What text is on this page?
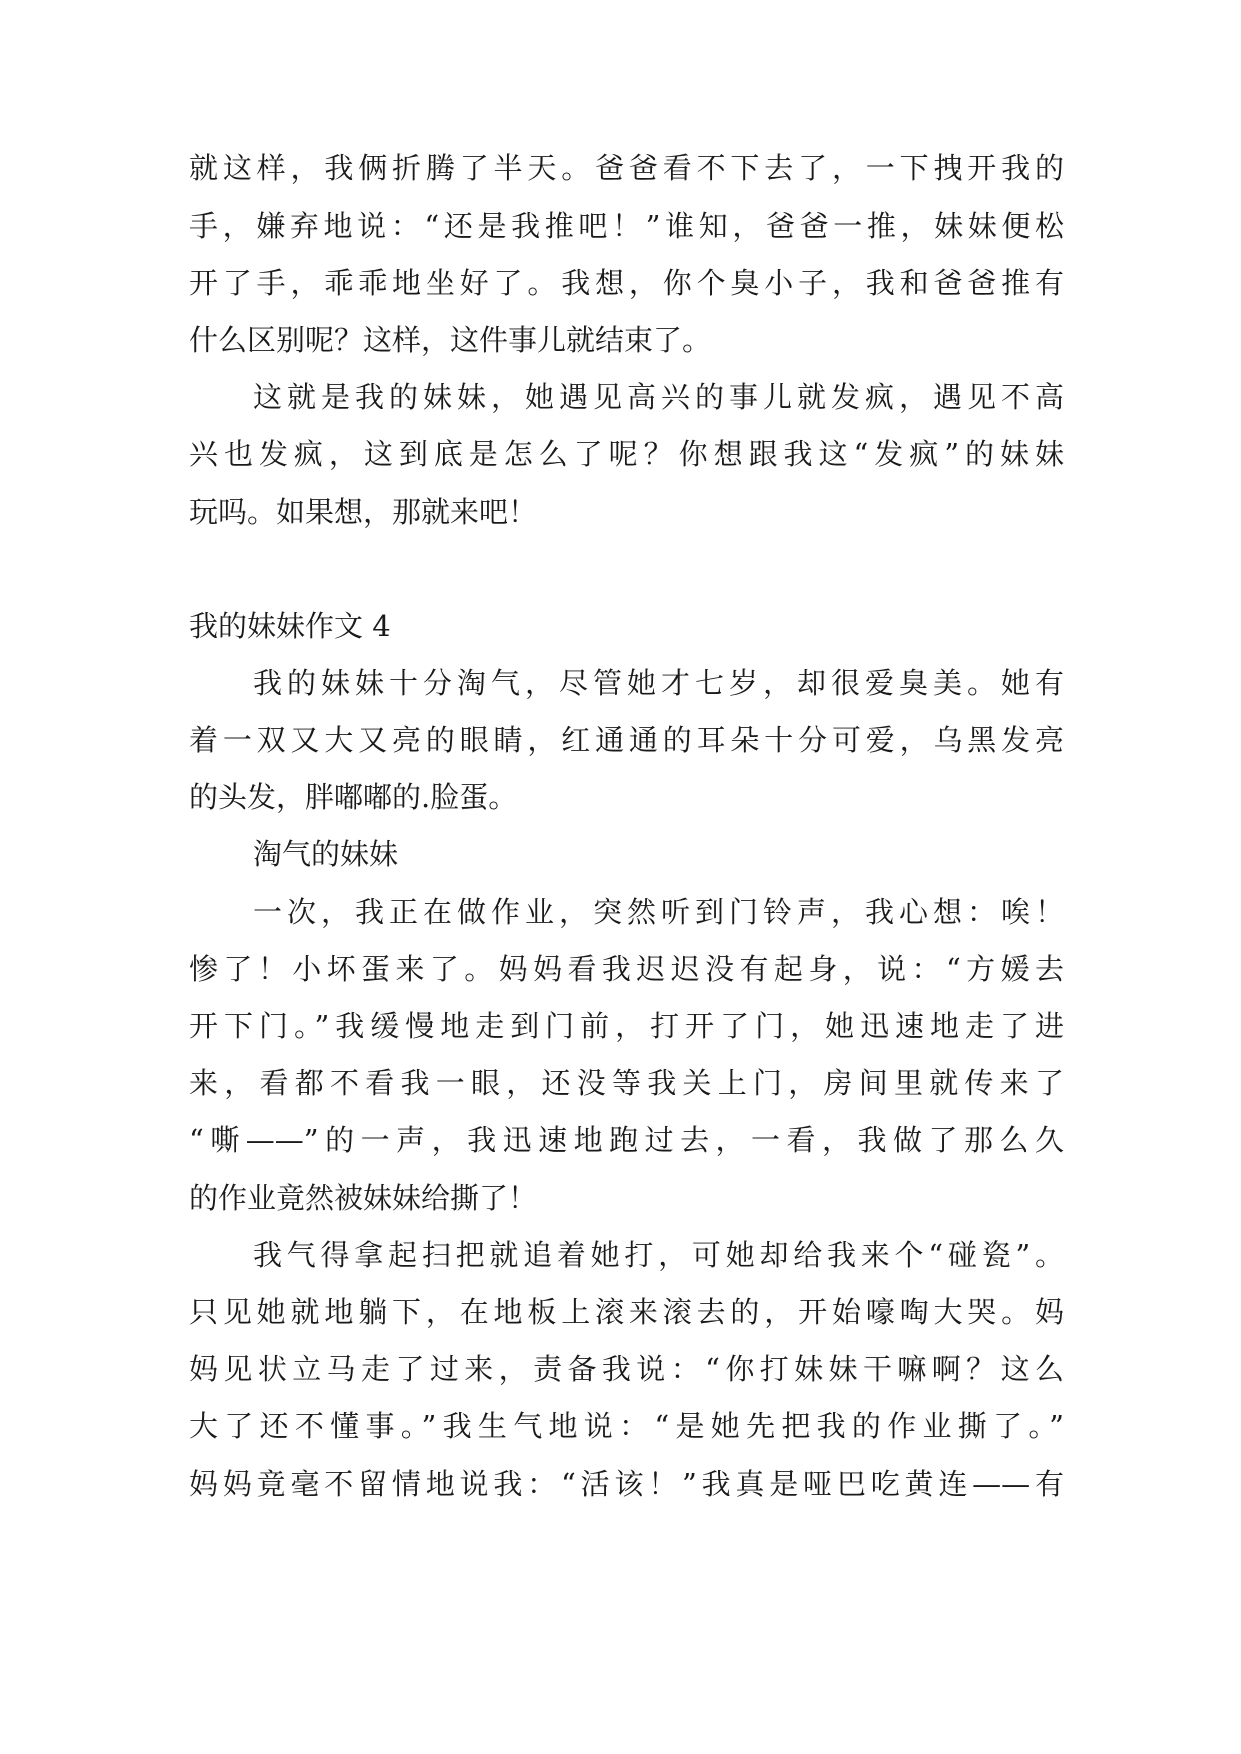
就这样，我俩折腾了半天。爸爸看不下去了，一下拽开我的
手，嫌弃地说：“还是我推吧！”谁知，爸爸一推，妹妹便松
开了手，乖乖地坐好了。我想，你个臭小子，我和爸爸推有
什么区别呢？这样，这件事儿就结束了。
这就是我的妹妹，她遇见高兴的事儿就发疯，遇见不高
兴也发疯，这到底是怎么了呢？你想跟我这“发疯”的妹妹
玩吗。如果想，那就来吧！
我的妹妹作文 4
我的妹妹十分淘气，尽管她才七岁，却很爱臭美。她有
着一双又大又亮的眼睛，红通通的耳朵十分可爱，乌黑发亮
的头发，胖嘟嘟的.脸蛋。
淘气的妹妹
一次，我正在做作业，突然听到门铃声，我心想：唉！
惨了！小坏蛋来了。妈妈看我迟迟没有起身，说：“方媛去
开下门。”我缓慢地走到门前，打开了门，她迅速地走了进
来，看都不看我一眼，还没等我关上门，房间里就传来了
“嘶——”的一声，我迅速地跑过去，一看，我做了那么久
的作业竟然被妹妹给撕了！
我气得拿起扫把就追着她打，可她却给我来个“碰瓷”。
只见她就地躺下，在地板上滚来滚去的，开始嚎啕大哭。妈
妈见状立马走了过来，责备我说：“你打妹妹干嘛啊？这么
大了还不懂事。”我生气地说：“是她先把我的作业撕了。”
妈妈竟毫不留情地说我：“活该！”我真是哑巴吃黄连——有
